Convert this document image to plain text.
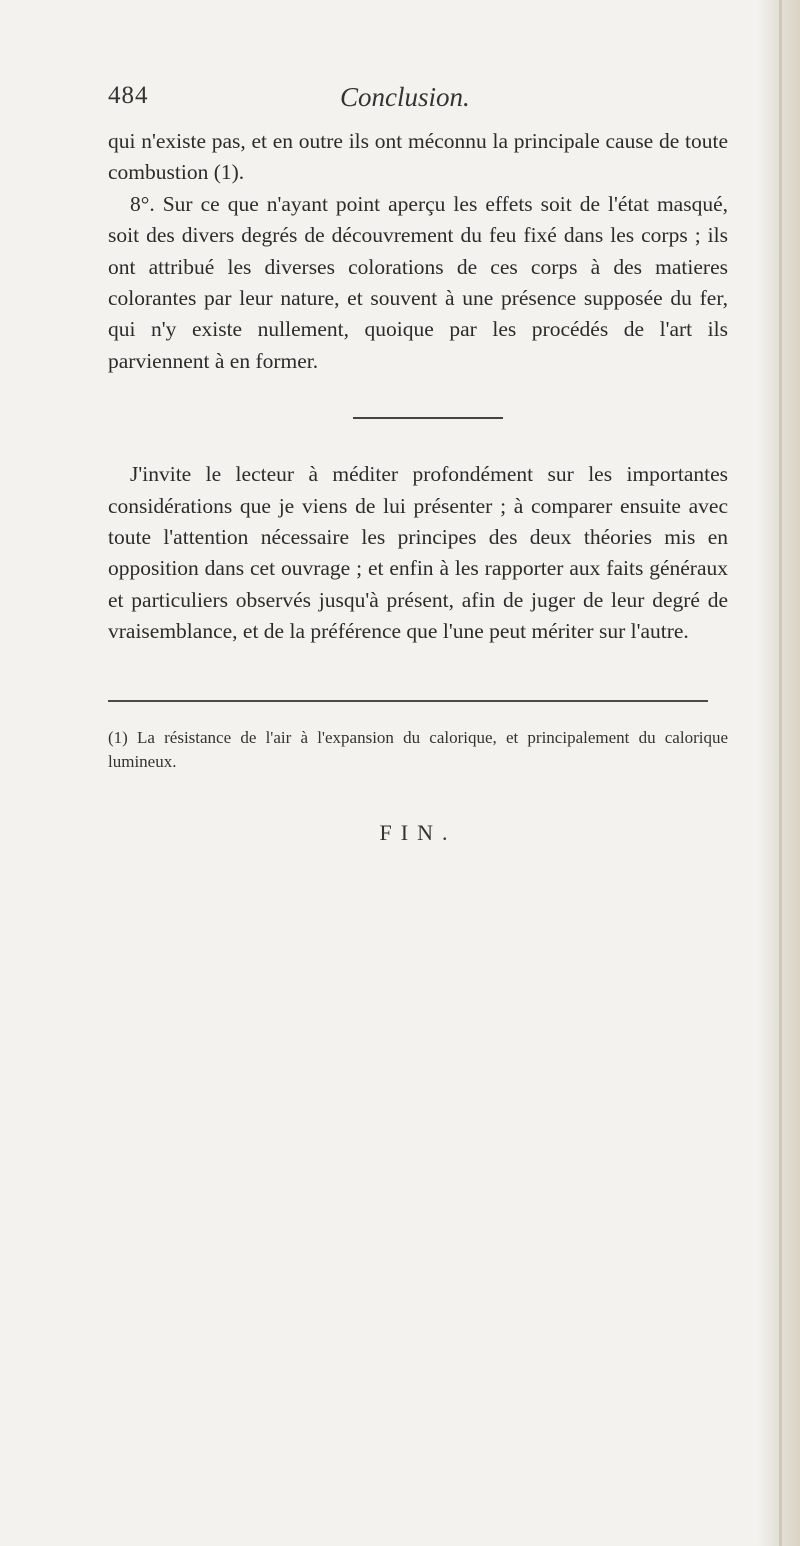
484	Conclusion.

qui n'existe pas, et en outre ils ont méconnu la principale cause de toute combustion (1).

8°. Sur ce que n'ayant point aperçu les effets soit de l'état masqué, soit des divers degrés de découvrement du feu fixé dans les corps ; ils ont attribué les diverses colorations de ces corps à des matieres colorantes par leur nature, et souvent à une présence supposée du fer, qui n'y existe nullement, quoique par les procédés de l'art ils parviennent à en former.

J'invite le lecteur à méditer profondément sur les importantes considérations que je viens de lui présenter ; à comparer ensuite avec toute l'attention nécessaire les principes des deux théories mis en opposition dans cet ouvrage ; et enfin à les rapporter aux faits généraux et particuliers observés jusqu'à présent, afin de juger de leur degré de vraisemblance, et de la préférence que l'une peut mériter sur l'autre.

(1) La résistance de l'air à l'expansion du calorique, et principalement du calorique lumineux.

FIN.
